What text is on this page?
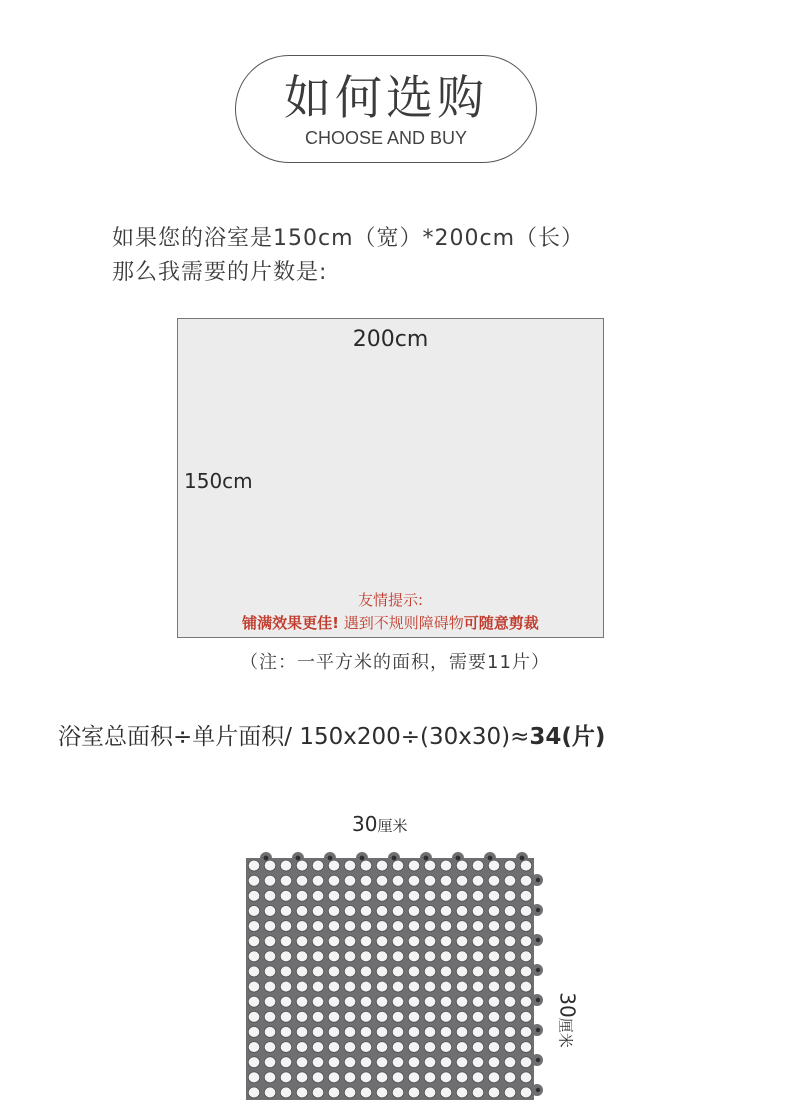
如何选购
CHOOSE AND BUY
如果您的浴室是150cm（宽）*200cm（长）
那么我需要的片数是:
200cm
150cm
友情提示:
铺满效果更佳! 遇到不规则障碍物可随意剪裁
（注：一平方米的面积，需要11片）
浴室总面积÷单片面积/ 150x200÷(30x30)≈34(片)
30厘米
30厘米
